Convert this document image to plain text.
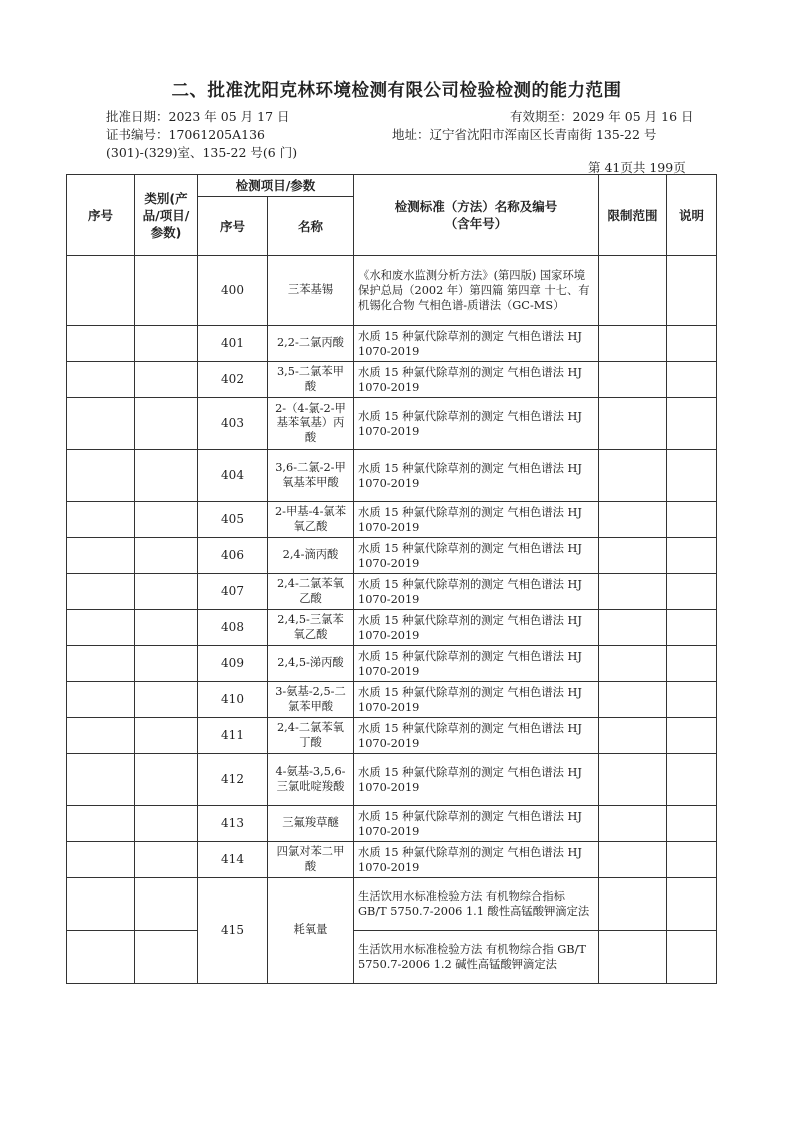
二、批准沈阳克林环境检测有限公司检验检测的能力范围
批准日期：2023 年 05 月 17 日	有效期至：2029 年 05 月 16 日
证书编号：17061205A136	地址：辽宁省沈阳市浑南区长青南街 135-22 号
(301)-(329)室、135-22 号(6 门)
第 41页共 199页
序号	类别(产品/项目/参数)	检测项目/参数		检测标准（方法）名称及编号（含年号）	限制范围	说明
		序号	名称			
		400	三苯基锡	《水和废水监测分析方法》(第四版) 国家环境保护总局（2002 年）第四篇 第四章 十七、有机锡化合物 气相色谱-质谱法（GC-MS）		
		401	2,2-二氯丙酸	水质 15 种氯代除草剂的测定 气相色谱法 HJ 1070-2019		
		402	3,5-二氯苯甲酸	水质 15 种氯代除草剂的测定 气相色谱法 HJ 1070-2019		
		403	2-（4-氯-2-甲基苯氧基）丙酸	水质 15 种氯代除草剂的测定 气相色谱法 HJ 1070-2019		
		404	3,6-二氯-2-甲氧基苯甲酸	水质 15 种氯代除草剂的测定 气相色谱法 HJ 1070-2019		
		405	2-甲基-4-氯苯氧乙酸	水质 15 种氯代除草剂的测定 气相色谱法 HJ 1070-2019		
		406	2,4-滴丙酸	水质 15 种氯代除草剂的测定 气相色谱法 HJ 1070-2019		
		407	2,4-二氯苯氧乙酸	水质 15 种氯代除草剂的测定 气相色谱法 HJ 1070-2019		
		408	2,4,5-三氯苯氧乙酸	水质 15 种氯代除草剂的测定 气相色谱法 HJ 1070-2019		
		409	2,4,5-涕丙酸	水质 15 种氯代除草剂的测定 气相色谱法 HJ 1070-2019		
		410	3-氨基-2,5-二氯苯甲酸	水质 15 种氯代除草剂的测定 气相色谱法 HJ 1070-2019		
		411	2,4-二氯苯氧丁酸	水质 15 种氯代除草剂的测定 气相色谱法 HJ 1070-2019		
		412	4-氨基-3,5,6-三氯吡啶羧酸	水质 15 种氯代除草剂的测定 气相色谱法 HJ 1070-2019		
		413	三氟羧草醚	水质 15 种氯代除草剂的测定 气相色谱法 HJ 1070-2019		
		414	四氯对苯二甲酸	水质 15 种氯代除草剂的测定 气相色谱法 HJ 1070-2019		
		415	耗氧量	生活饮用水标准检验方法 有机物综合指标 GB/T 5750.7-2006 1.1 酸性高锰酸钾滴定法		
				生活饮用水标准检验方法 有机物综合指 GB/T 5750.7-2006 1.2 碱性高锰酸钾滴定法		
